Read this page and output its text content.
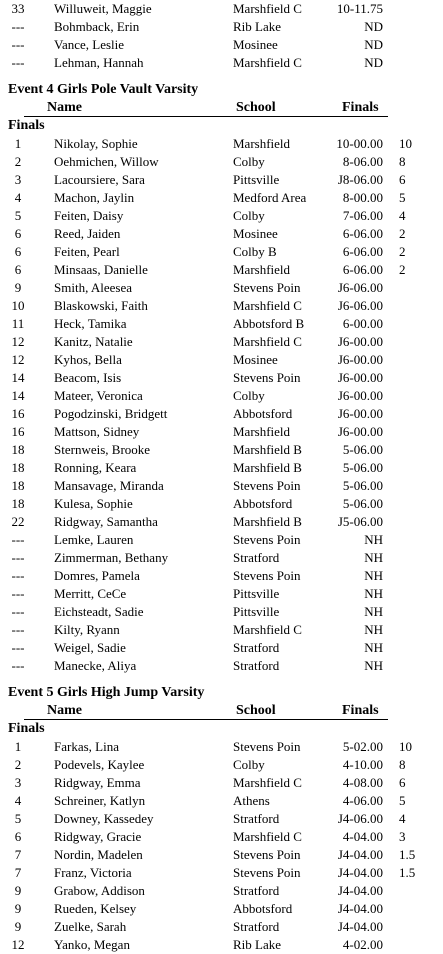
33	Willuweit, Maggie	Marshfield C	10-11.75
---	Bohmback, Erin	Rib Lake	ND
---	Vance, Leslie	Mosinee	ND
---	Lehman, Hannah	Marshfield C	ND
Event 4 Girls Pole Vault Varsity
Name	School	Finals
Finals
1	Nikolay, Sophie	Marshfield	10-00.00 10
2	Oehmichen, Willow	Colby	8-06.00 8
3	Lacoursiere, Sara	Pittsville	J8-06.00 6
4	Machon, Jaylin	Medford Area	8-00.00 5
5	Feiten, Daisy	Colby	7-06.00 4
6	Reed, Jaiden	Mosinee	6-06.00 2
6	Feiten, Pearl	Colby B	6-06.00 2
6	Minsaas, Danielle	Marshfield	6-06.00 2
9	Smith, Aleesea	Stevens Poin	J6-06.00
10	Blaskowski, Faith	Marshfield C	J6-06.00
11	Heck, Tamika	Abbotsford B	6-00.00
12	Kanitz, Natalie	Marshfield C	J6-00.00
12	Kyhos, Bella	Mosinee	J6-00.00
14	Beacom, Isis	Stevens Poin	J6-00.00
14	Mateer, Veronica	Colby	J6-00.00
16	Pogodzinski, Bridgett	Abbotsford	J6-00.00
16	Mattson, Sidney	Marshfield	J6-00.00
18	Sternweis, Brooke	Marshfield B	5-06.00
18	Ronning, Keara	Marshfield B	5-06.00
18	Mansavage, Miranda	Stevens Poin	5-06.00
18	Kulesa, Sophie	Abbotsford	5-06.00
22	Ridgway, Samantha	Marshfield B	J5-06.00
---	Lemke, Lauren	Stevens Poin	NH
---	Zimmerman, Bethany	Stratford	NH
---	Domres, Pamela	Stevens Poin	NH
---	Merritt, CeCe	Pittsville	NH
---	Eichsteadt, Sadie	Pittsville	NH
---	Kilty, Ryann	Marshfield C	NH
---	Weigel, Sadie	Stratford	NH
---	Manecke, Aliya	Stratford	NH
Event 5 Girls High Jump Varsity
Name	School	Finals
Finals
1	Farkas, Lina	Stevens Poin	5-02.00 10
2	Podevels, Kaylee	Colby	4-10.00 8
3	Ridgway, Emma	Marshfield C	4-08.00 6
4	Schreiner, Katlyn	Athens	4-06.00 5
5	Downey, Kassedey	Stratford	J4-06.00 4
6	Ridgway, Gracie	Marshfield C	4-04.00 3
7	Nordin, Madelen	Stevens Poin	J4-04.00 1.5
7	Franz, Victoria	Stevens Poin	J4-04.00 1.5
9	Grabow, Addison	Stratford	J4-04.00
9	Rueden, Kelsey	Abbotsford	J4-04.00
9	Zuelke, Sarah	Stratford	J4-04.00
12	Yanko, Megan	Rib Lake	4-02.00
